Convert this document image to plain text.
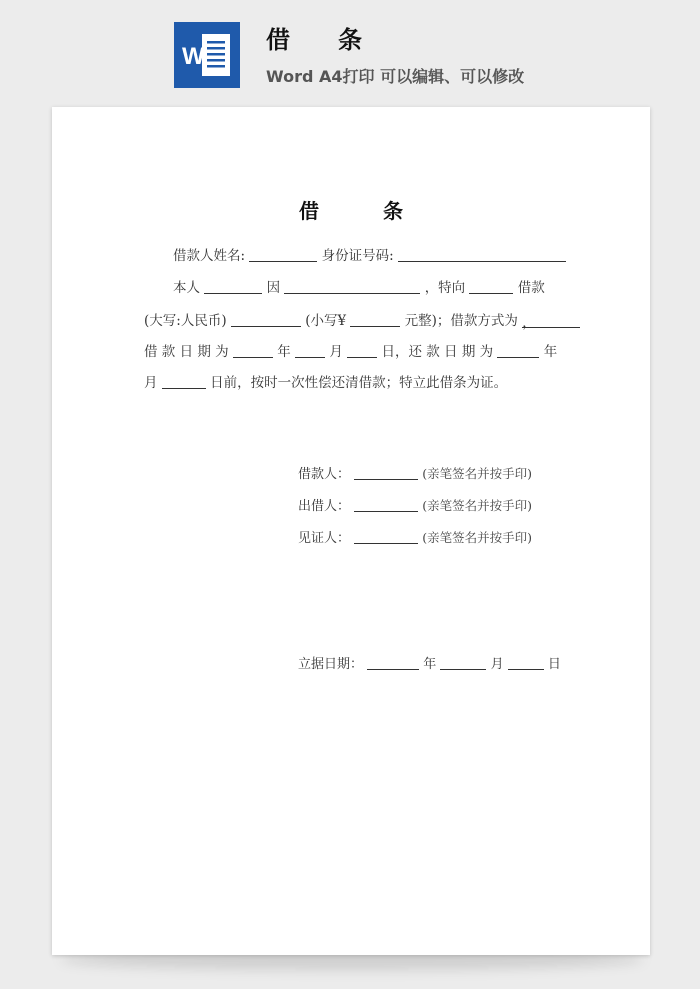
W
借　条
Word A4打印 可以编辑、可以修改
借　条
借款人姓名:	身份证号码:
本人	因	，特向	借款
(大写:人民币)	(小写¥	元整)；借款方式为 ，
借 款 日 期 为	年	月	日，还 款 日 期 为	年
月	日前，按时一次性偿还清借款；特立此借条为证。
借款人：	(亲笔签名并按手印)
出借人：	(亲笔签名并按手印)
见证人：	(亲笔签名并按手印)
立据日期：	年	月	日
